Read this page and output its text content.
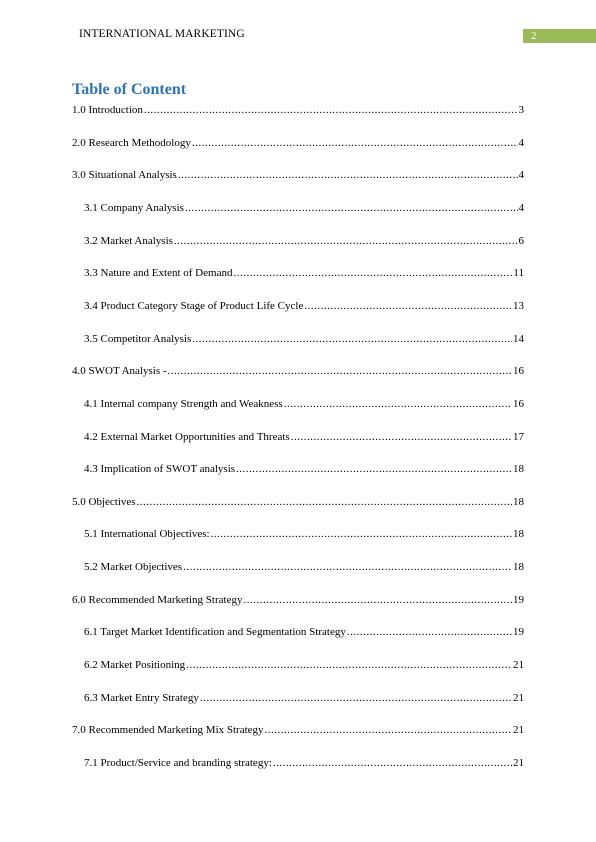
INTERNATIONAL MARKETING	2
Table of Content
1.0 Introduction .....	3
2.0 Research Methodology .....	4
3.0 Situational Analysis .....	4
3.1 Company Analysis .....	4
3.2 Market Analysis .....	6
3.3 Nature and Extent of Demand .....	11
3.4 Product Category Stage of Product Life Cycle .....	13
3.5 Competitor Analysis .....	14
4.0 SWOT Analysis - .....	16
4.1 Internal company Strength and Weakness .....	16
4.2 External Market Opportunities and Threats .....	17
4.3 Implication of SWOT analysis .....	18
5.0 Objectives .....	18
5.1 International Objectives: .....	18
5.2 Market Objectives .....	18
6.0 Recommended Marketing Strategy .....	19
6.1 Target Market Identification and Segmentation Strategy .....	19
6.2 Market Positioning .....	21
6.3 Market Entry Strategy .....	21
7.0 Recommended Marketing Mix Strategy .....	21
7.1 Product/Service and branding strategy: .....	21
